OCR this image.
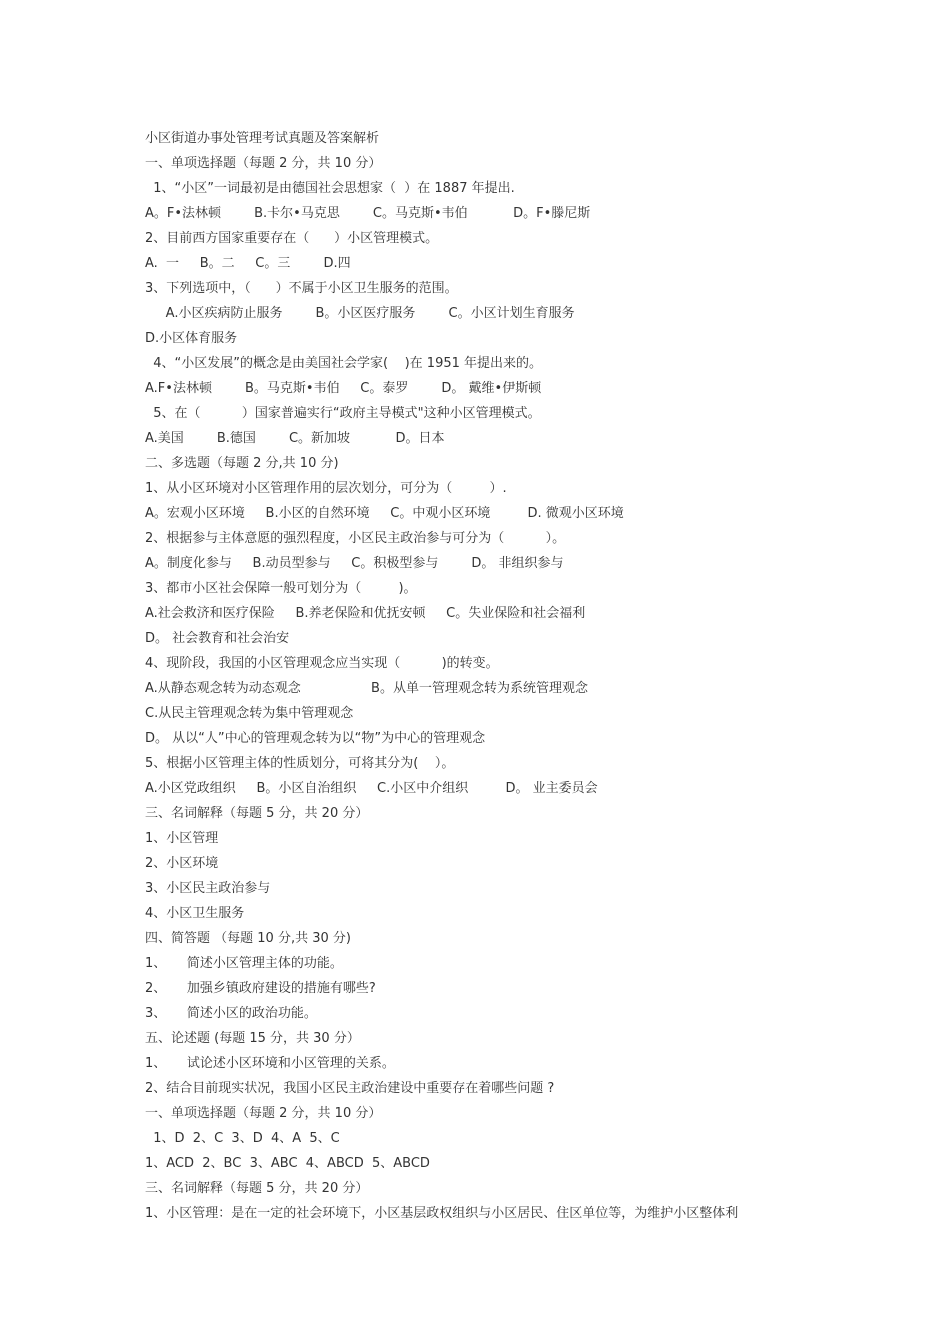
小区街道办事处管理考试真题及答案解析
一、单项选择题（每题 2 分，共 10 分）
1、“小区”一词最初是由德国社会思想家（  ）在 1887 年提出.
A。F•法林顿        B.卡尔•马克思        C。马克斯•韦伯           D。F•滕尼斯
2、目前西方国家重要存在（      ）小区管理模式。
A.  一     B。二     C。三        D.四
3、下列选项中，（      ）不属于小区卫生服务的范围。
A.小区疾病防止服务        B。小区医疗服务        C。小区计划生育服务
D.小区体育服务
4、“小区发展”的概念是由美国社会学家(    )在 1951 年提出来的。
A.F•法林顿        B。马克斯•韦伯     C。泰罗        D。 戴维•伊斯顿
5、在（          ）国家普遍实行“政府主导模式"这种小区管理模式。
A.美国        B.德国        C。新加坡           D。日本
二、多选题（每题 2 分,共 10 分)
1、从小区环境对小区管理作用的层次划分，可分为（         ）.
A。宏观小区环境     B.小区的自然环境     C。中观小区环境         D. 微观小区环境
2、根据参与主体意愿的强烈程度，小区民主政治参与可分为（          ）。
A。制度化参与     B.动员型参与     C。积极型参与        D。 非组织参与
3、都市小区社会保障一般可划分为（         )。
A.社会救济和医疗保险     B.养老保险和优抚安顿     C。失业保险和社会福利
D。 社会教育和社会治安
4、现阶段，我国的小区管理观念应当实现（          )的转变。
A.从静态观念转为动态观念                 B。从单一管理观念转为系统管理观念
C.从民主管理观念转为集中管理观念
D。 从以“人”中心的管理观念转为以“物”为中心的管理观念
5、根据小区管理主体的性质划分，可将其分为(    ）。
A.小区党政组织     B。小区自治组织     C.小区中介组织         D。 业主委员会
三、名词解释（每题 5 分，共 20 分）
1、小区管理
2、小区环境
3、小区民主政治参与
4、小区卫生服务
四、简答题 （每题 10 分,共 30 分)
1、     简述小区管理主体的功能。
2、     加强乡镇政府建设的措施有哪些?
3、     简述小区的政治功能。
五、论述题 (每题 15 分，共 30 分）
1、     试论述小区环境和小区管理的关系。
2、结合目前现实状况，我国小区民主政治建设中重要存在着哪些问题 ?
一、单项选择题（每题 2 分，共 10 分）
1、D  2、C  3、D  4、A  5、C
1、ACD  2、BC  3、ABC  4、ABCD  5、ABCD
三、名词解释（每题 5 分，共 20 分）
1、小区管理：是在一定的社会环境下，小区基层政权组织与小区居民、住区单位等，为维护小区整体利
